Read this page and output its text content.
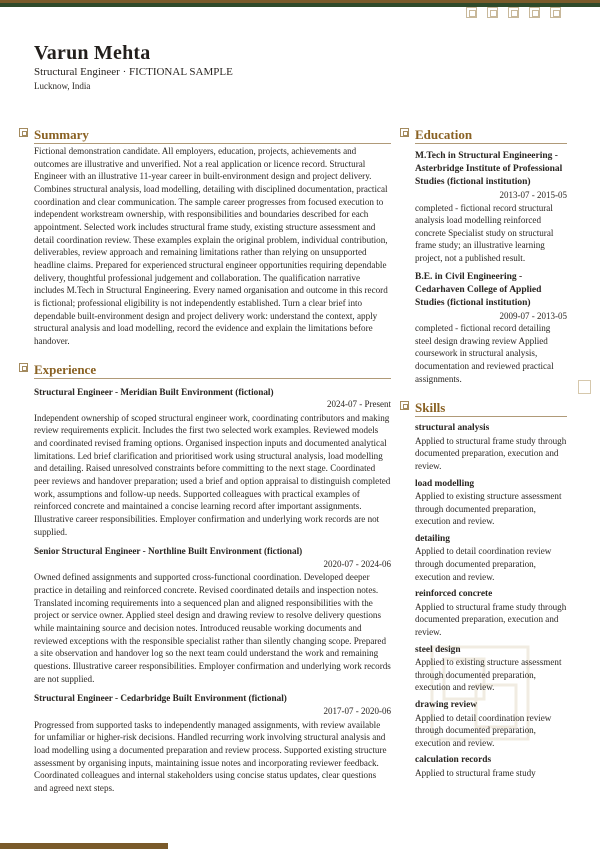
Varun Mehta
Structural Engineer · FICTIONAL SAMPLE
Lucknow, India
Summary

Fictional demonstration candidate. All employers, education, projects, achievements and outcomes are illustrative and unverified. Not a real application or licence record. Structural Engineer with an illustrative 11-year career in built-environment design and project delivery. Combines structural analysis, load modelling, detailing with disciplined documentation, practical coordination and clear communication. The sample career progresses from focused execution to independent workstream ownership, with responsibilities and boundaries described for each appointment. Selected work includes structural frame study, existing structure assessment and detail coordination review. These examples explain the original problem, individual contribution, deliverables, review approach and remaining limitations rather than relying on unsupported headline claims. Prepared for experienced structural engineer opportunities requiring dependable delivery, thoughtful professional judgement and collaboration. The qualification narrative includes M.Tech in Structural Engineering. Every named organisation and outcome in this record is fictional; professional eligibility is not independently established. Turn a clear brief into dependable built-environment design and project delivery work: understand the context, apply structural analysis and load modelling, record the evidence and explain the limitations before handover.

Experience
Structural Engineer - Meridian Built Environment (fictional)
2024-07 - Present

Independent ownership of scoped structural engineer work, coordinating contributors and making review requirements explicit. Includes the first two selected work examples. Reviewed models and coordinated revised framing options. Organised inspection inputs and documented analytical limitations. Led brief clarification and prioritised work using structural analysis, load modelling and detailing. Raised unresolved constraints before committing to the next stage. Coordinated peer reviews and handover preparation; used a brief and option appraisal to distinguish completed work, assumptions and follow-up needs. Supported colleagues with practical examples of reinforced concrete and maintained a concise learning record after important assignments. Illustrative career responsibilities. Employer confirmation and underlying work records are not supplied.

Senior Structural Engineer - Northline Built Environment (fictional)
2020-07 - 2024-06

Owned defined assignments and supported cross-functional coordination. Developed deeper practice in detailing and reinforced concrete. Revised coordinated details and inspection notes. Translated incoming requirements into a sequenced plan and aligned responsibilities with the project or service owner. Applied steel design and drawing review to resolve delivery questions while maintaining source and decision notes. Introduced reusable working documents and reviewed exceptions with the responsible specialist rather than silently changing scope. Prepared a site observation and handover log so the next team could understand the work and remaining questions. Illustrative career responsibilities. Employer confirmation and underlying work records are not supplied.

Structural Engineer - Cedarbridge Built Environment (fictional)
2017-07 - 2020-06

Progressed from supported tasks to independently managed assignments, with review available for unfamiliar or higher-risk decisions. Handled recurring work involving structural analysis and load modelling using a documented preparation and review process. Supported existing structure assessment by organising inputs, maintaining issue notes and incorporating reviewer feedback. Coordinated colleagues and internal stakeholders using concise status updates, clear questions and agreed next steps.

Education
M.Tech in Structural Engineering - Asterbridge Institute of Professional Studies (fictional institution)
2013-07 - 2015-05
completed - fictional record structural analysis load modelling reinforced concrete Specialist study on structural frame study; an illustrative learning project, not a published result.
B.E. in Civil Engineering - Cedarhaven College of Applied Studies (fictional institution)
2009-07 - 2013-05
completed - fictional record detailing steel design drawing review Applied coursework in structural analysis, documentation and reviewed practical assignments.
Skills
structural analysis
Applied to structural frame study through documented preparation, execution and review.
load modelling
Applied to existing structure assessment through documented preparation, execution and review.
detailing
Applied to detail coordination review through documented preparation, execution and review.
reinforced concrete
Applied to structural frame study through documented preparation, execution and review.
steel design
Applied to existing structure assessment through documented preparation, execution and review.
drawing review
Applied to detail coordination review through documented preparation, execution and review.
calculation records
Applied to structural frame study
